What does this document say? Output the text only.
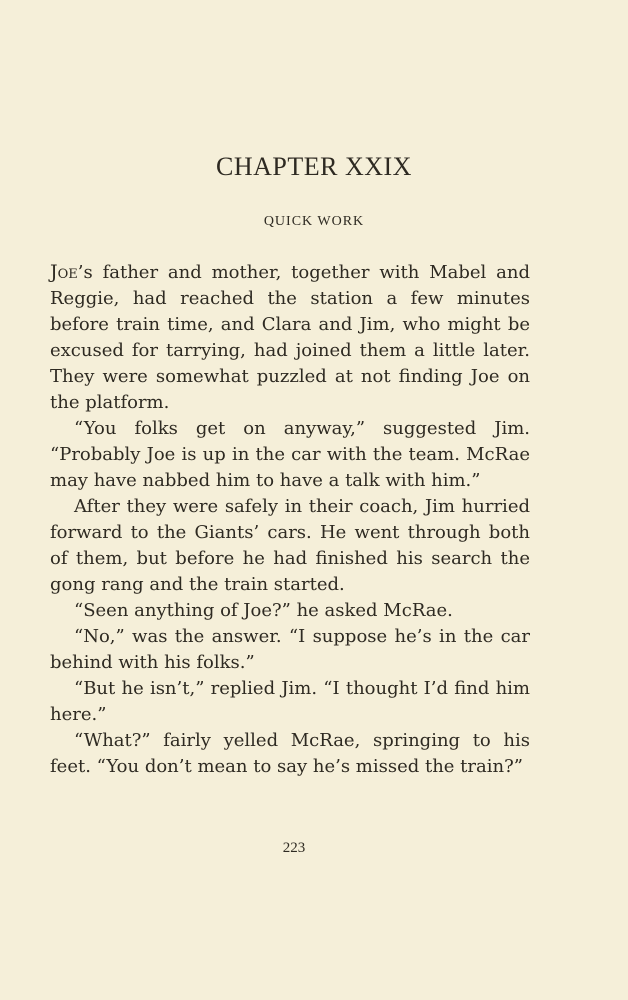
CHAPTER XXIX
QUICK WORK

Joe’s father and mother, together with Mabel and Reggie, had reached the station a few minutes before train time, and Clara and Jim, who might be excused for tarrying, had joined them a little later. They were somewhat puzzled at not finding Joe on the platform.

“You folks get on anyway,” suggested Jim. “Probably Joe is up in the car with the team. McRae may have nabbed him to have a talk with him.”

After they were safely in their coach, Jim hurried forward to the Giants’ cars. He went through both of them, but before he had finished his search the gong rang and the train started.

“Seen anything of Joe?” he asked McRae.

“No,” was the answer. “I suppose he’s in the car behind with his folks.”

“But he isn’t,” replied Jim. “I thought I’d find him here.”

“What?” fairly yelled McRae, springing to his feet. “You don’t mean to say he’s missed the train?”

223
